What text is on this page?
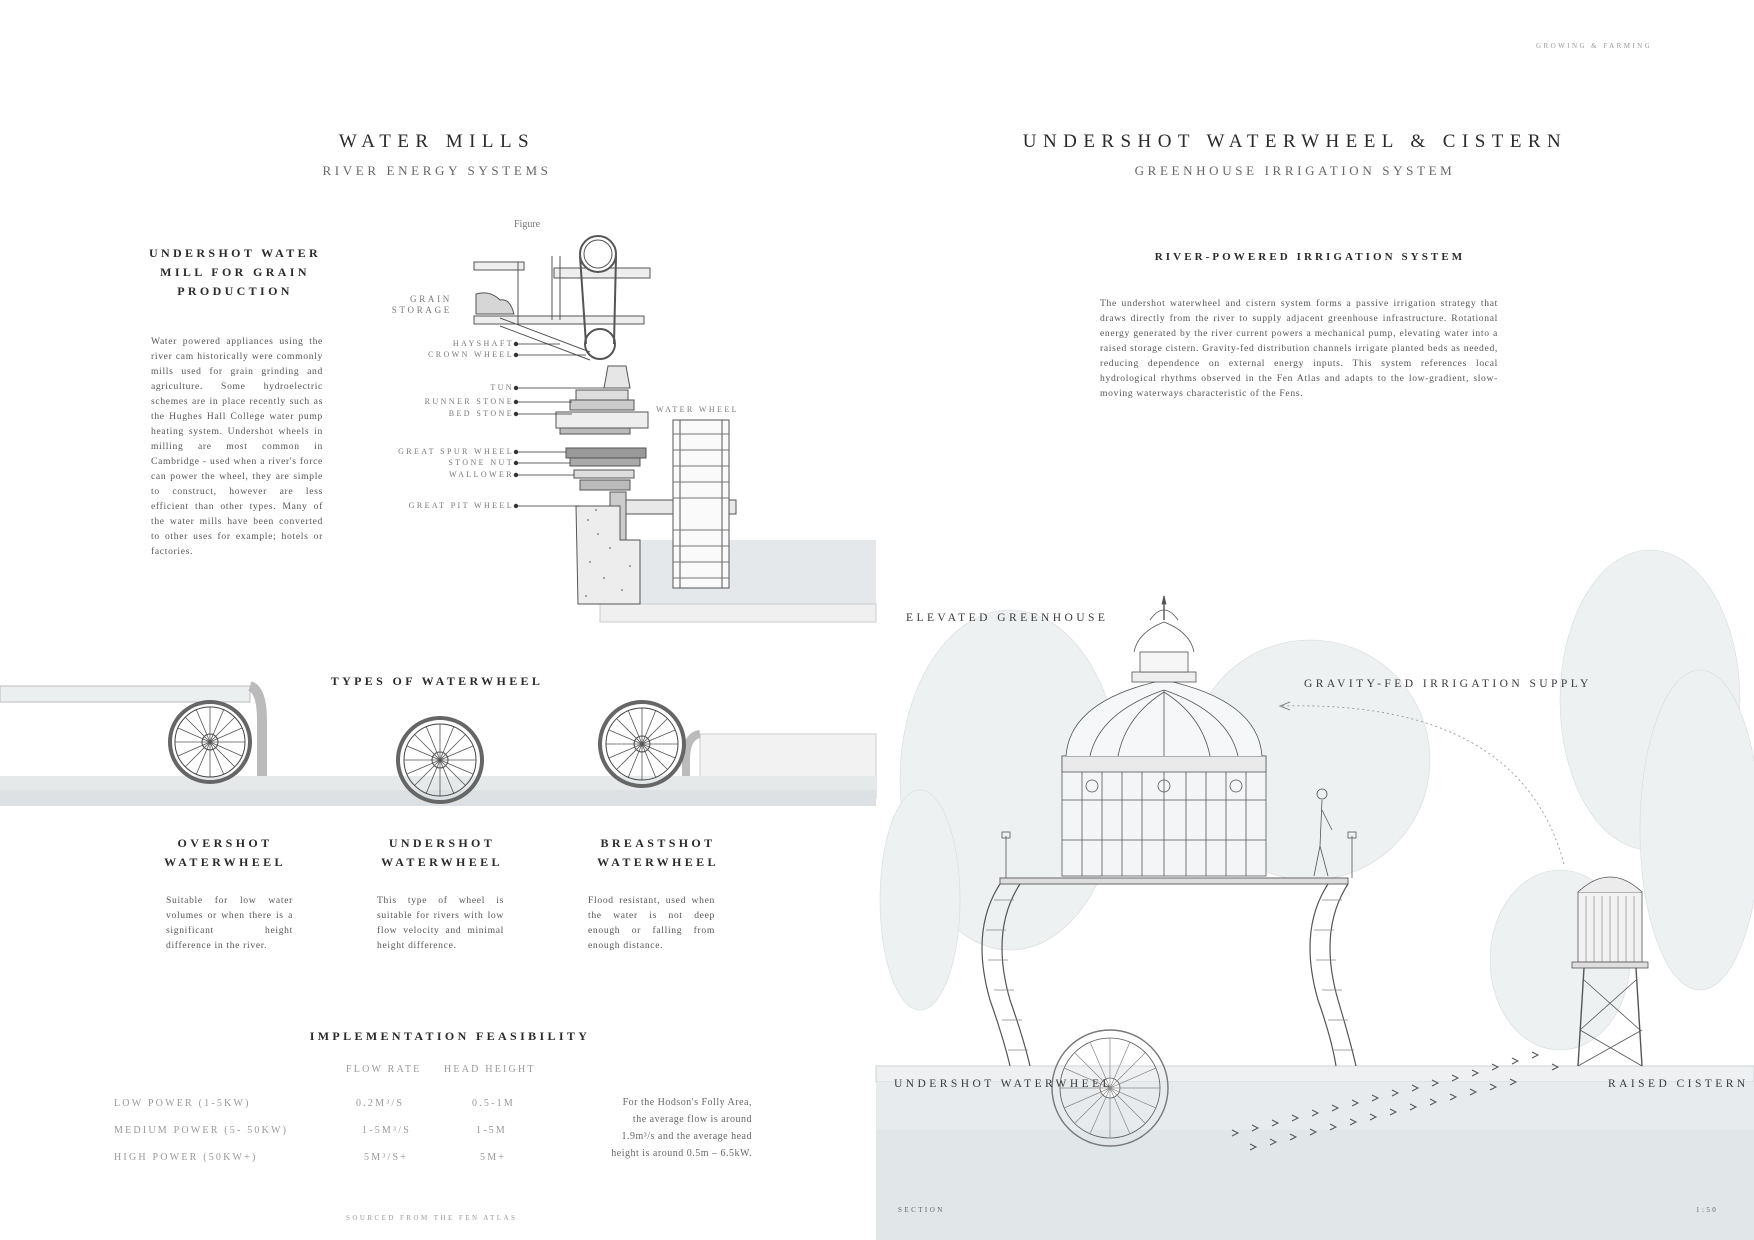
GROWING & FARMING
WATER MILLS
RIVER ENERGY SYSTEMS
UNDERSHOT WATER
MILL FOR GRAIN
PRODUCTION
Water powered appliances using the river cam historically were commonly mills used for grain grinding and agriculture. Some hydroelectric schemes are in place recently such as the Hughes Hall College water pump heating system. Undershot wheels in milling are most common in Cambridge - used when a river's force can power the wheel, they are simple to construct, however are less efficient than other types. Many of the water mills have been converted to other uses for example; hotels or factories.
Figure
GRAIN
STORAGE
HAYSHAFT
CROWN WHEEL
TUN
RUNNER STONE
BED STONE
GREAT SPUR WHEEL
STONE NUT
WALLOWER
GREAT PIT WHEEL
WATER WHEEL
TYPES OF WATERWHEEL
OVERSHOT
WATERWHEEL
Suitable for low water volumes or when there is a significant height difference in the river.
UNDERSHOT
WATERWHEEL
This type of wheel is suitable for rivers with low flow velocity and minimal height difference.
BREASTSHOT
WATERWHEEL
Flood resistant, used when the water is not deep enough or falling from enough distance.
IMPLEMENTATION FEASIBILITY
FLOW RATE HEAD HEIGHT
LOW POWER (1-5KW)	0.2M³/S	0.5-1M
MEDIUM POWER (5- 50KW)	1-5M³/S	1-5M
HIGH POWER (50KW+)	5M³/S+	5M+
For the Hodson's Folly Area,
the average flow is around
1.9m³/s and the average head
height is around 0.5m – 6.5kW.
SOURCED FROM THE FEN ATLAS
UNDERSHOT WATERWHEEL & CISTERN
GREENHOUSE IRRIGATION SYSTEM
RIVER-POWERED IRRIGATION SYSTEM
The undershot waterwheel and cistern system forms a passive irrigation strategy that draws directly from the river to supply adjacent greenhouse infrastructure. Rotational energy generated by the river current powers a mechanical pump, elevating water into a raised storage cistern. Gravity-fed distribution channels irrigate planted beds as needed, reducing dependence on external energy inputs. This system references local hydrological rhythms observed in the Fen Atlas and adapts to the low-gradient, slow-moving waterways characteristic of the Fens.
ELEVATED GREENHOUSE
GRAVITY-FED IRRIGATION SUPPLY
UNDERSHOT WATERWHEEL	RAISED CISTERN
SECTION	1:50
